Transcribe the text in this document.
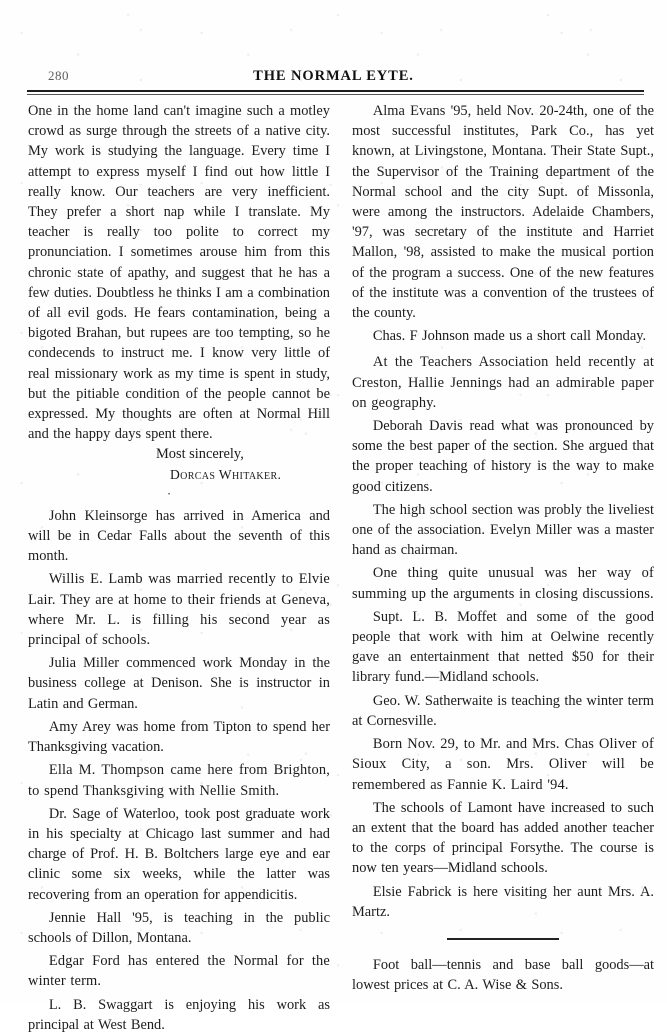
280	THE NORMAL EYTE.

One in the home land can't imagine such a motley crowd as surge through the streets of a native city. My work is studying the language. Every time I attempt to express myself I find out how little I really know. Our teachers are very inefficient. They prefer a short nap while I translate. My teacher is really too polite to correct my pronunciation. I sometimes arouse him from this chronic state of apathy, and suggest that he has a few duties. Doubtless he thinks I am a combination of all evil gods. He fears contamination, being a bigoted Brahan, but rupees are too tempting, so he condecends to instruct me. I know very little of real missionary work as my time is spent in study, but the pitiable condition of the people cannot be expressed. My thoughts are often at Normal Hill and the happy days spent there.

Most sincerely,

Dorcas Whitaker.

·

John Kleinsorge has arrived in America and will be in Cedar Falls about the seventh of this month.

Willis E. Lamb was married recently to Elvie Lair. They are at home to their friends at Geneva, where Mr. L. is filling his second year as principal of schools.

Julia Miller commenced work Monday in the business college at Denison. She is instructor in Latin and German.

Amy Arey was home from Tipton to spend her Thanksgiving vacation.

Ella M. Thompson came here from Brighton, to spend Thanksgiving with Nellie Smith.

Dr. Sage of Waterloo, took post graduate work in his specialty at Chicago last summer and had charge of Prof. H. B. Boltchers large eye and ear clinic some six weeks, while the latter was recovering from an operation for appendicitis.

Jennie Hall '95, is teaching in the public schools of Dillon, Montana.

Edgar Ford has entered the Normal for the winter term.

L. B. Swaggart is enjoying his work as principal at West Bend.

Alma Evans '95, held Nov. 20-24th, one of the most successful institutes, Park Co., has yet known, at Livingstone, Montana. Their State Supt., the Supervisor of the Training department of the Normal school and the city Supt. of Missonla, were among the instructors. Adelaide Chambers, '97, was secretary of the institute and Harriet Mallon, '98, assisted to make the musical portion of the program a success. One of the new features of the institute was a convention of the trustees of the county.

Chas. F Johnson made us a short call Monday.

At the Teachers Association held recently at Creston, Hallie Jennings had an admirable paper on geography.

Deborah Davis read what was pronounced by some the best paper of the section. She argued that the proper teaching of history is the way to make good citizens.

The high school section was probly the liveliest one of the association. Evelyn Miller was a master hand as chairman.

One thing quite unusual was her way of summing up the arguments in closing discussions.

Supt. L. B. Moffet and some of the good people that work with him at Oelwine recently gave an entertainment that netted $50 for their library fund.—Midland schools.

Geo. W. Satherwaite is teaching the winter term at Cornesville.

Born Nov. 29, to Mr. and Mrs. Chas Oliver of Sioux City, a son. Mrs. Oliver will be remembered as Fannie K. Laird '94.

The schools of Lamont have increased to such an extent that the board has added another teacher to the corps of principal Forsythe. The course is now ten years—Midland schools.

Elsie Fabrick is here visiting her aunt Mrs. A. Martz.

Foot ball—tennis and base ball goods—at lowest prices at C. A. Wise & Sons.
